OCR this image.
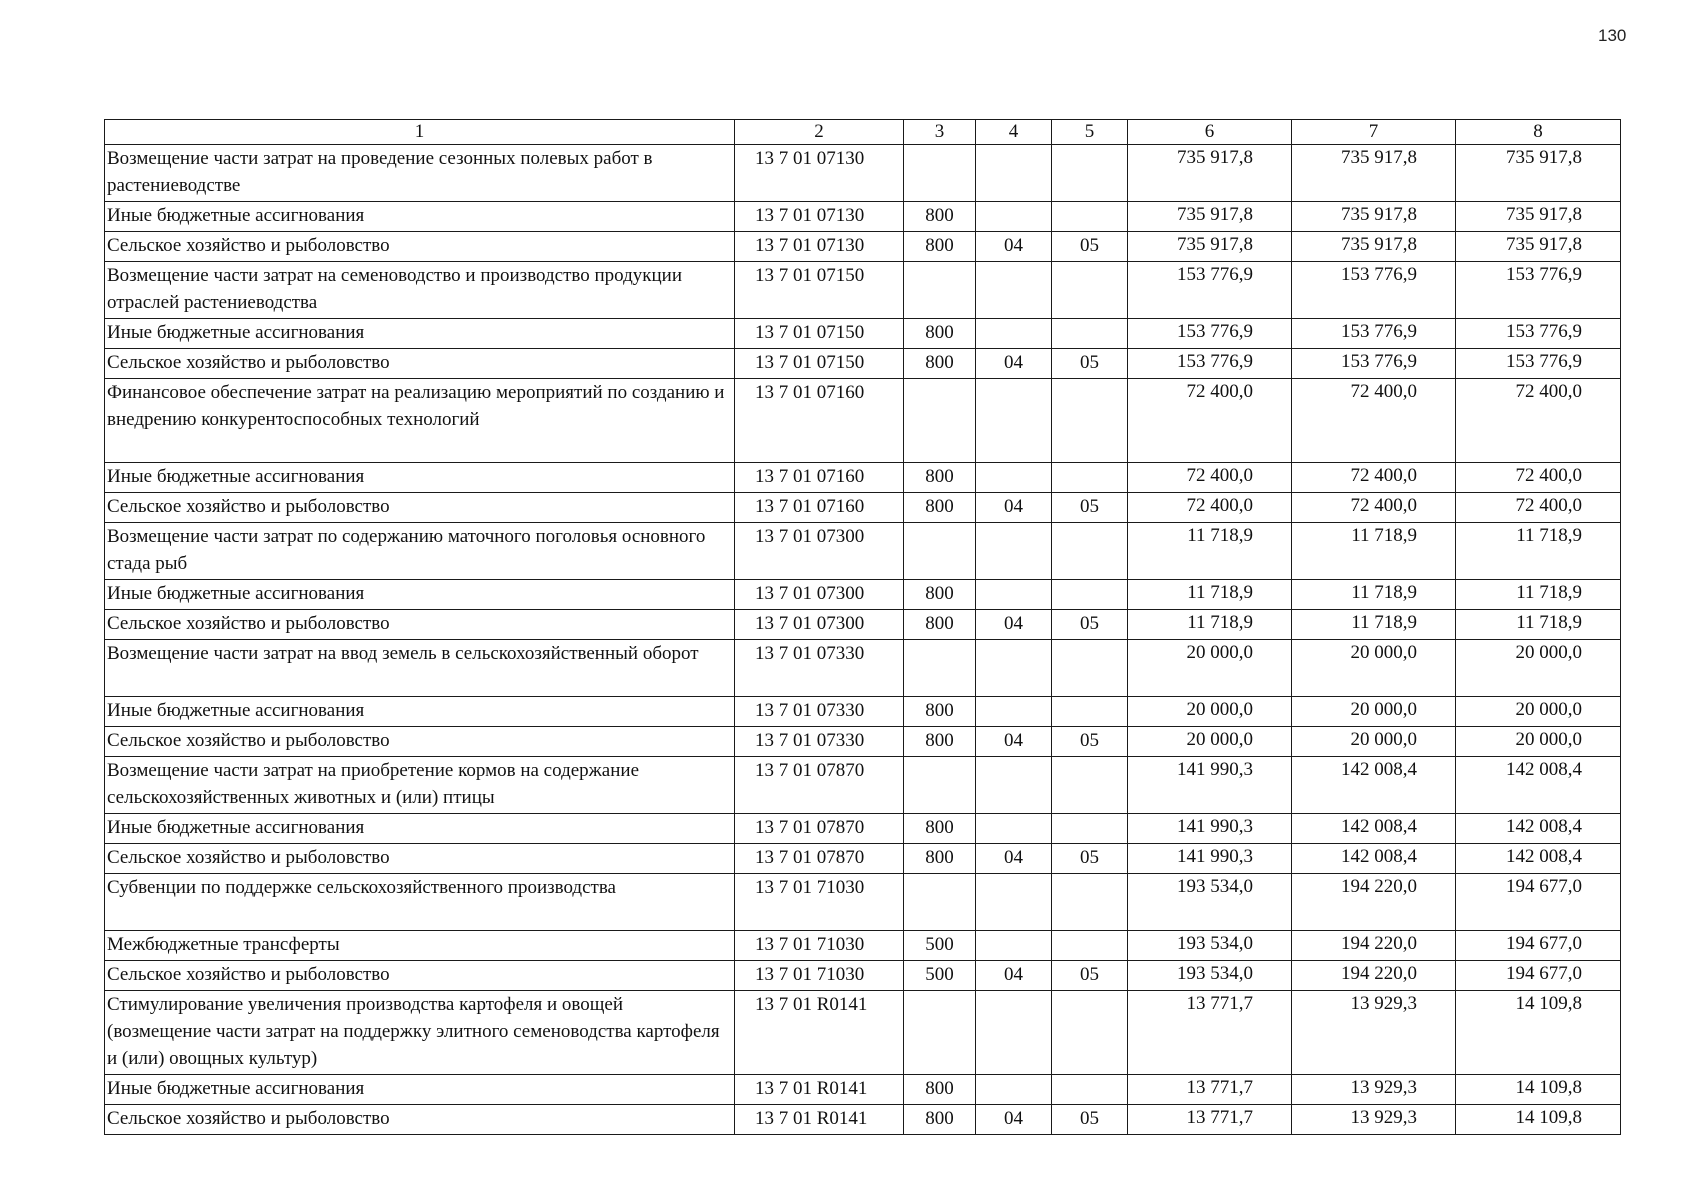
130
1	2	3	4	5	6	7	8
Возмещение части затрат на проведение сезонных полевых работ в растениеводстве	13 7 01 07130				735 917,8	735 917,8	735 917,8
Иные бюджетные ассигнования	13 7 01 07130	800			735 917,8	735 917,8	735 917,8
Сельское хозяйство и рыболовство	13 7 01 07130	800	04	05	735 917,8	735 917,8	735 917,8
Возмещение части затрат на семеноводство и производство продукции отраслей растениеводства	13 7 01 07150				153 776,9	153 776,9	153 776,9
Иные бюджетные ассигнования	13 7 01 07150	800			153 776,9	153 776,9	153 776,9
Сельское хозяйство и рыболовство	13 7 01 07150	800	04	05	153 776,9	153 776,9	153 776,9
Финансовое обеспечение затрат на реализацию мероприятий по созданию и внедрению конкурентоспособных технологий	13 7 01 07160				72 400,0	72 400,0	72 400,0
Иные бюджетные ассигнования	13 7 01 07160	800			72 400,0	72 400,0	72 400,0
Сельское хозяйство и рыболовство	13 7 01 07160	800	04	05	72 400,0	72 400,0	72 400,0
Возмещение части затрат по содержанию маточного поголовья основного стада рыб	13 7 01 07300				11 718,9	11 718,9	11 718,9
Иные бюджетные ассигнования	13 7 01 07300	800			11 718,9	11 718,9	11 718,9
Сельское хозяйство и рыболовство	13 7 01 07300	800	04	05	11 718,9	11 718,9	11 718,9
Возмещение части затрат на ввод земель в сельскохозяйственный оборот	13 7 01 07330				20 000,0	20 000,0	20 000,0
Иные бюджетные ассигнования	13 7 01 07330	800			20 000,0	20 000,0	20 000,0
Сельское хозяйство и рыболовство	13 7 01 07330	800	04	05	20 000,0	20 000,0	20 000,0
Возмещение части затрат на приобретение кормов на содержание сельскохозяйственных животных и (или) птицы	13 7 01 07870				141 990,3	142 008,4	142 008,4
Иные бюджетные ассигнования	13 7 01 07870	800			141 990,3	142 008,4	142 008,4
Сельское хозяйство и рыболовство	13 7 01 07870	800	04	05	141 990,3	142 008,4	142 008,4
Субвенции по поддержке сельскохозяйственного производства	13 7 01 71030				193 534,0	194 220,0	194 677,0
Межбюджетные трансферты	13 7 01 71030	500			193 534,0	194 220,0	194 677,0
Сельское хозяйство и рыболовство	13 7 01 71030	500	04	05	193 534,0	194 220,0	194 677,0
Стимулирование увеличения производства картофеля и овощей (возмещение части затрат на поддержку элитного семеноводства картофеля и (или) овощных культур)	13 7 01 R0141				13 771,7	13 929,3	14 109,8
Иные бюджетные ассигнования	13 7 01 R0141	800			13 771,7	13 929,3	14 109,8
Сельское хозяйство и рыболовство	13 7 01 R0141	800	04	05	13 771,7	13 929,3	14 109,8
